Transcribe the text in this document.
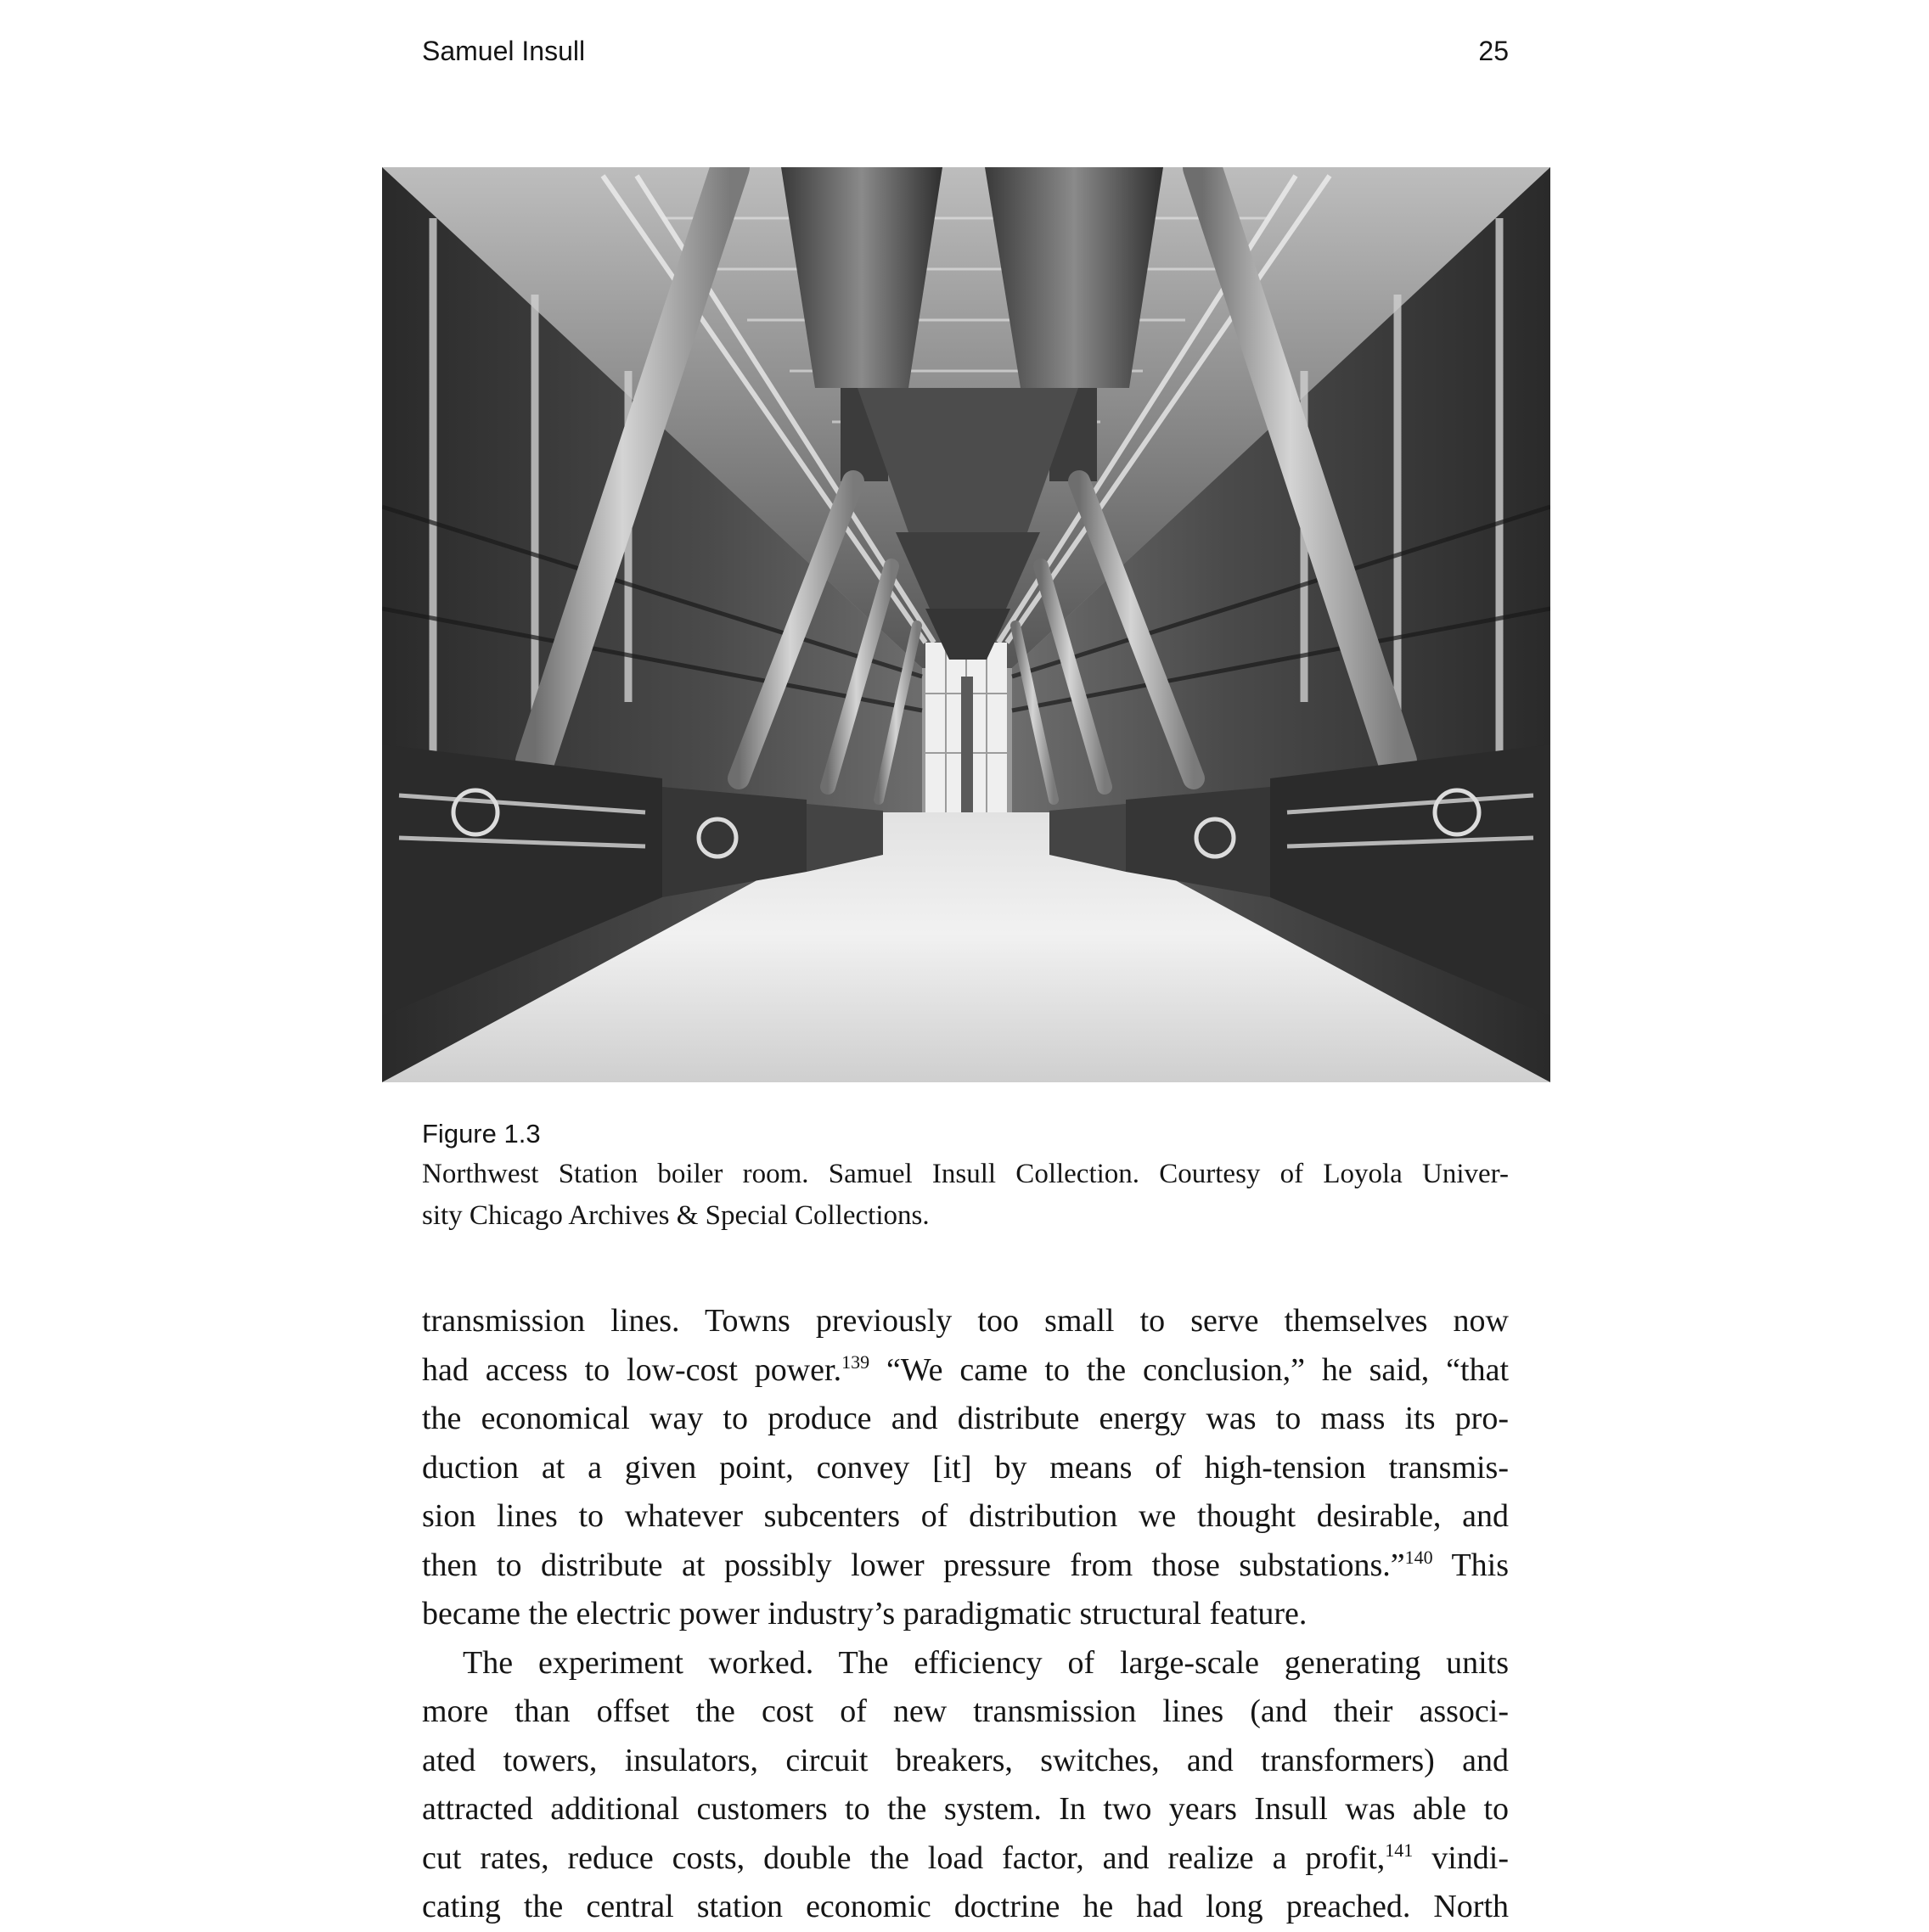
Samuel Insull	25
Figure 1.3
Northwest Station boiler room. Samuel Insull Collection. Courtesy of Loyola Univer-
sity Chicago Archives & Special Collections.
transmission lines. Towns previously too small to serve themselves now
had access to low-cost power.$^{139}$ “We came to the conclusion,” he said, “that
the economical way to produce and distribute energy was to mass its pro-
duction at a given point, convey [it] by means of high-tension transmis-
sion lines to whatever subcenters of distribution we thought desirable, and
then to distribute at possibly lower pressure from those substations.”$^{140}$ This
became the electric power industry’s paradigmatic structural feature.
The experiment worked. The efficiency of large-scale generating units
more than offset the cost of new transmission lines (and their associ-
ated towers, insulators, circuit breakers, switches, and transformers) and
attracted additional customers to the system. In two years Insull was able to
cut rates, reduce costs, double the load factor, and realize a profit,$^{141}$ vindi-
cating the central station economic doctrine he had long preached. North
